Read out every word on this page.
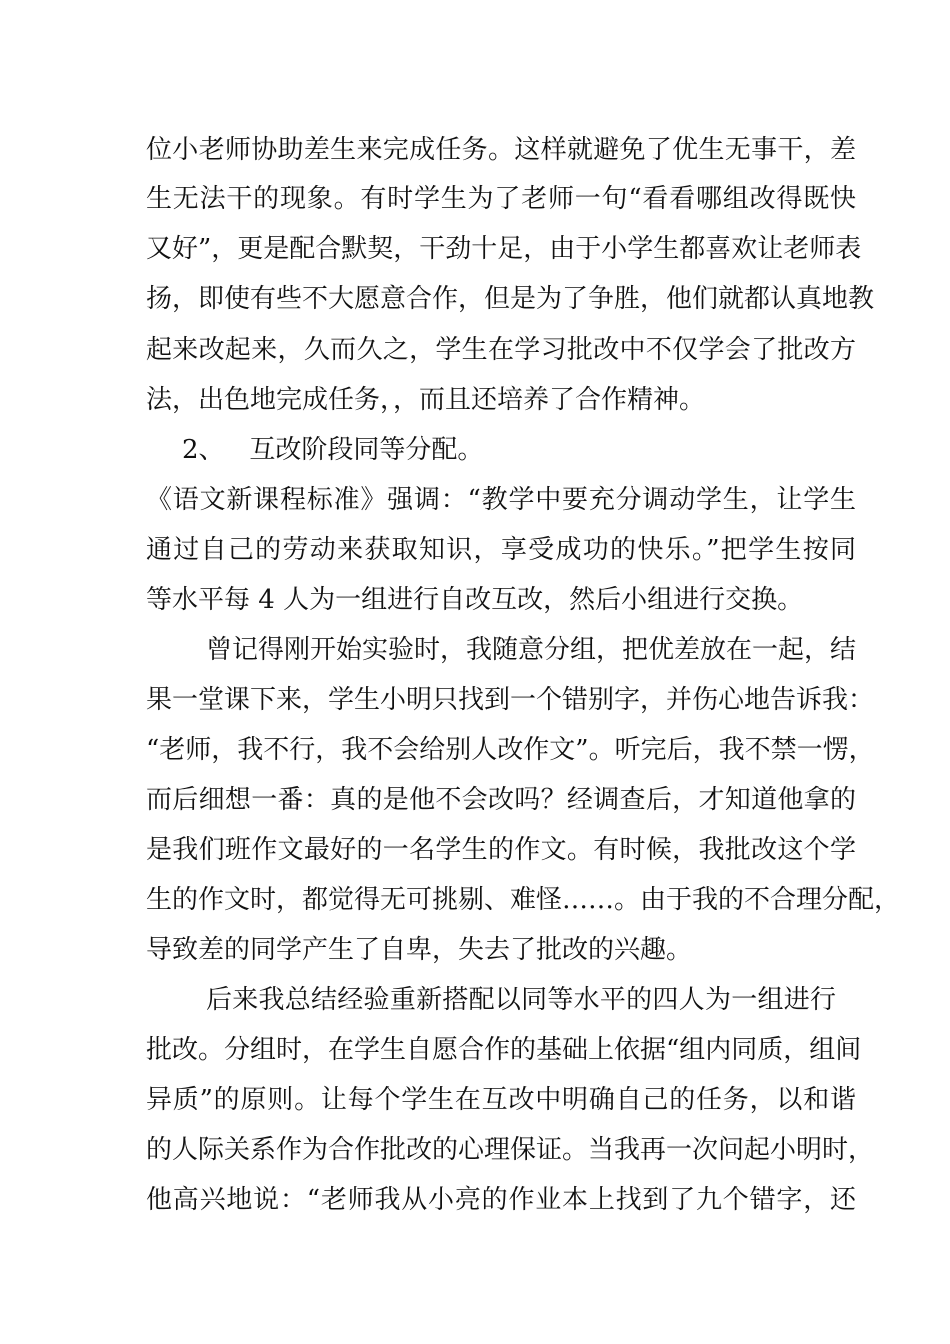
位小老师协助差生来完成任务。这样就避免了优生无事干，差
生无法干的现象。有时学生为了老师一句“看看哪组改得既快
又好”，更是配合默契，干劲十足，由于小学生都喜欢让老师表
扬，即使有些不大愿意合作，但是为了争胜，他们就都认真地教
起来改起来，久而久之，学生在学习批改中不仅学会了批改方
法，出色地完成任务，，而且还培养了合作精神。
2、   互改阶段同等分配。
《语文新课程标准》强调：“教学中要充分调动学生，让学生
通过自己的劳动来获取知识，享受成功的快乐。”把学生按同
等水平每 4 人为一组进行自改互改，然后小组进行交换。
曾记得刚开始实验时，我随意分组，把优差放在一起，结
果一堂课下来，学生小明只找到一个错别字，并伤心地告诉我：
“老师，我不行，我不会给别人改作文”。听完后，我不禁一愣，
而后细想一番：真的是他不会改吗？经调查后，才知道他拿的
是我们班作文最好的一名学生的作文。有时候，我批改这个学
生的作文时，都觉得无可挑剔、难怪……。由于我的不合理分配，
导致差的同学产生了自卑，失去了批改的兴趣。
后来我总结经验重新搭配以同等水平的四人为一组进行
批改。分组时，在学生自愿合作的基础上依据“组内同质，组间
异质”的原则。让每个学生在互改中明确自己的任务，以和谐
的人际关系作为合作批改的心理保证。当我再一次问起小明时，
他高兴地说：“老师我从小亮的作业本上找到了九个错字，还
